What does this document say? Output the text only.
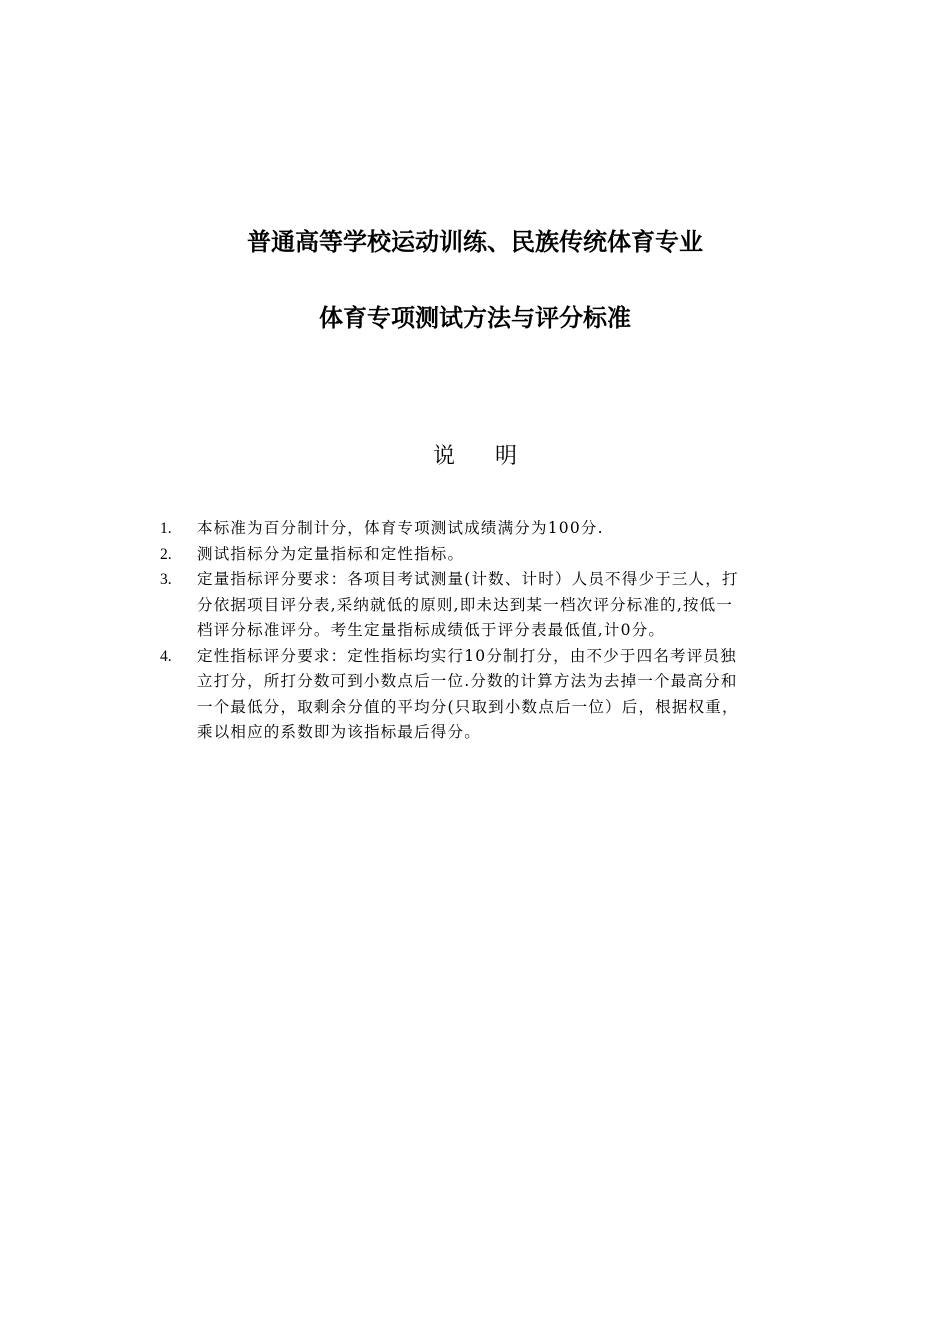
普通高等学校运动训练、民族传统体育专业
体育专项测试方法与评分标准
说明
1.	本标准为百分制计分，体育专项测试成绩满分为100分.
2.	测试指标分为定量指标和定性指标。
3.	定量指标评分要求：各项目考试测量(计数、计时）人员不得少于三人，打
分依据项目评分表,采纳就低的原则,即未达到某一档次评分标准的,按低一
档评分标准评分。考生定量指标成绩低于评分表最低值,计0分。
4.	定性指标评分要求：定性指标均实行10分制打分，由不少于四名考评员独
立打分，所打分数可到小数点后一位.分数的计算方法为去掉一个最高分和
一个最低分，取剩余分值的平均分(只取到小数点后一位）后，根据权重，
乘以相应的系数即为该指标最后得分。
